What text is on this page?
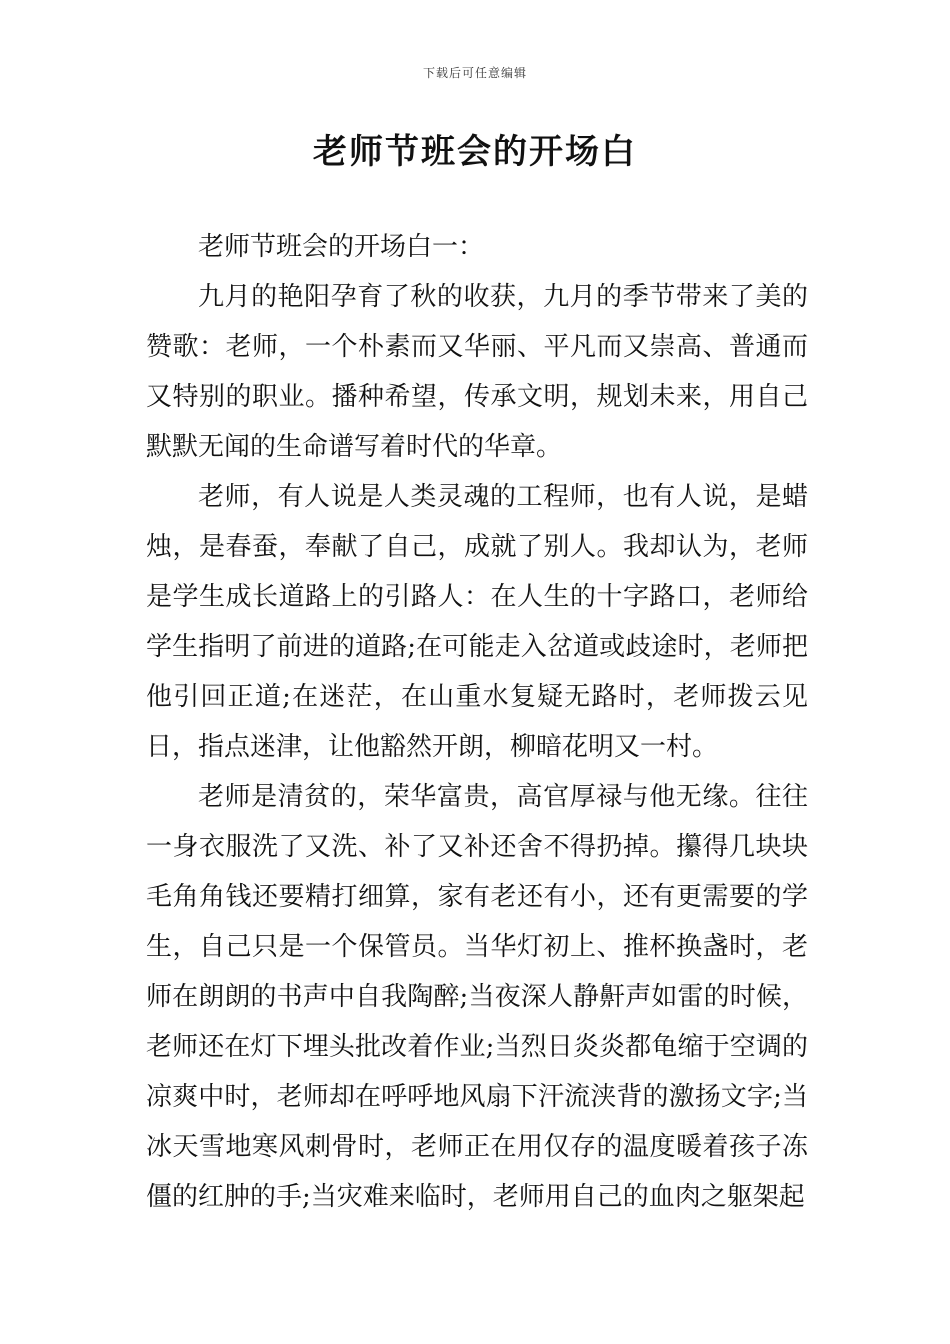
下载后可任意编辑
老师节班会的开场白

老师节班会的开场白一：

九月的艳阳孕育了秋的收获，九月的季节带来了美的赞歌：老师，一个朴素而又华丽、平凡而又崇高、普通而又特别的职业。播种希望，传承文明，规划未来，用自己默默无闻的生命谱写着时代的华章。

老师，有人说是人类灵魂的工程师，也有人说，是蜡烛，是春蚕，奉献了自己，成就了别人。我却认为，老师是学生成长道路上的引路人：在人生的十字路口，老师给学生指明了前进的道路;在可能走入岔道或歧途时，老师把他引回正道;在迷茫，在山重水复疑无路时，老师拨云见日，指点迷津，让他豁然开朗，柳暗花明又一村。

老师是清贫的，荣华富贵，高官厚禄与他无缘。往往一身衣服洗了又洗、补了又补还舍不得扔掉。攥得几块块毛角角钱还要精打细算，家有老还有小，还有更需要的学生，自己只是一个保管员。当华灯初上、推杯换盏时，老师在朗朗的书声中自我陶醉;当夜深人静鼾声如雷的时候，老师还在灯下埋头批改着作业;当烈日炎炎都龟缩于空调的凉爽中时，老师却在呼呼地风扇下汗流浃背的激扬文字;当冰天雪地寒风刺骨时，老师正在用仅存的温度暖着孩子冻僵的红肿的手;当灾难来临时，老师用自己的血肉之躯架起
